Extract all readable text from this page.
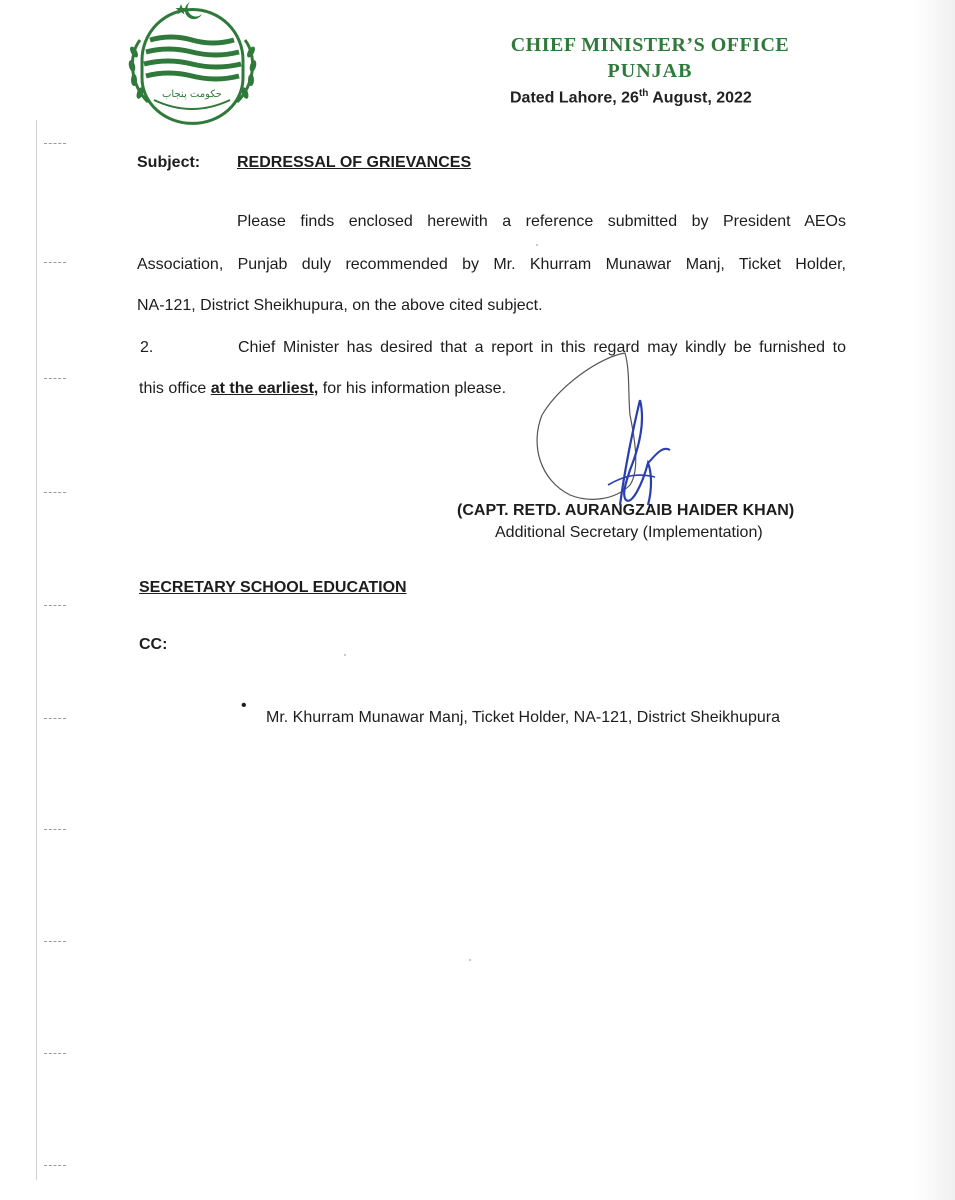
حکومت پنجاب
CHIEF MINISTER’S OFFICE
PUNJAB
Dated Lahore, 26th August, 2022
Subject: REDRESSAL OF GRIEVANCES
Please finds enclosed herewith a reference submitted by President AEOs
Association, Punjab duly recommended by Mr. Khurram Munawar Manj, Ticket Holder,
NA-121, District Sheikhupura, on the above cited subject.
2.	Chief Minister has desired that a report in this regard may kindly be furnished to
this office at the earliest, for his information please.
(CAPT. RETD. AURANGZAIB HAIDER KHAN)
Additional Secretary (Implementation)
SECRETARY SCHOOL EDUCATION
CC:
•
Mr. Khurram Munawar Manj, Ticket Holder, NA-121, District Sheikhupura
